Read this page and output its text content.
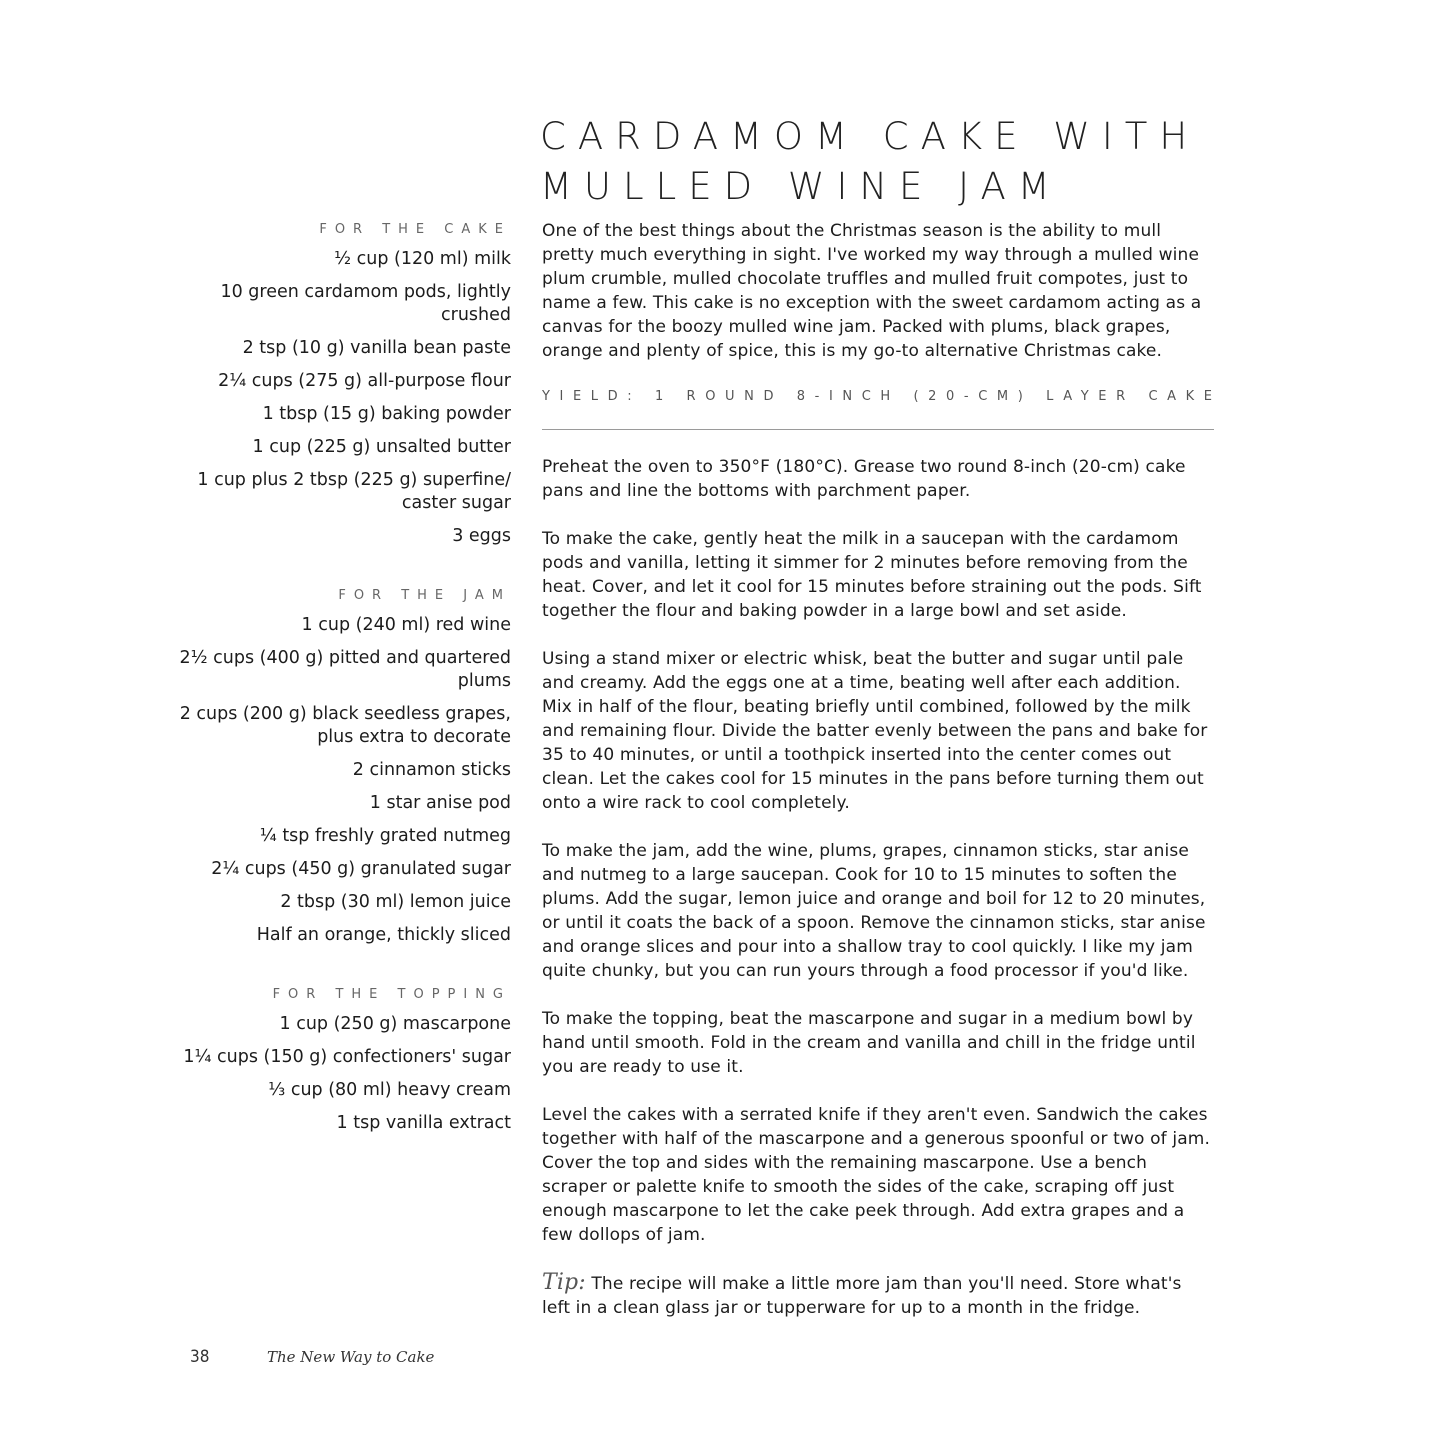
CARDAMOM CAKE WITH
MULLED WINE JAM
FOR THE CAKE
½ cup (120 ml) milk
10 green cardamom pods, lightly crushed
2 tsp (10 g) vanilla bean paste
2¼ cups (275 g) all-purpose flour
1 tbsp (15 g) baking powder
1 cup (225 g) unsalted butter
1 cup plus 2 tbsp (225 g) superfine/ caster sugar
3 eggs
FOR THE JAM
1 cup (240 ml) red wine
2½ cups (400 g) pitted and quartered plums
2 cups (200 g) black seedless grapes, plus extra to decorate
2 cinnamon sticks
1 star anise pod
¼ tsp freshly grated nutmeg
2¼ cups (450 g) granulated sugar
2 tbsp (30 ml) lemon juice
Half an orange, thickly sliced
FOR THE TOPPING
1 cup (250 g) mascarpone
1¼ cups (150 g) confectioners' sugar
⅓ cup (80 ml) heavy cream
1 tsp vanilla extract

One of the best things about the Christmas season is the ability to mull pretty much everything in sight. I've worked my way through a mulled wine plum crumble, mulled chocolate truffles and mulled fruit compotes, just to name a few. This cake is no exception with the sweet cardamom acting as a canvas for the boozy mulled wine jam. Packed with plums, black grapes, orange and plenty of spice, this is my go-to alternative Christmas cake.

YIELD: 1 ROUND 8-INCH (20-CM) LAYER CAKE

Preheat the oven to 350°F (180°C). Grease two round 8-inch (20-cm) cake pans and line the bottoms with parchment paper.

To make the cake, gently heat the milk in a saucepan with the cardamom pods and vanilla, letting it simmer for 2 minutes before removing from the heat. Cover, and let it cool for 15 minutes before straining out the pods. Sift together the flour and baking powder in a large bowl and set aside.

Using a stand mixer or electric whisk, beat the butter and sugar until pale and creamy. Add the eggs one at a time, beating well after each addition. Mix in half of the flour, beating briefly until combined, followed by the milk and remaining flour. Divide the batter evenly between the pans and bake for 35 to 40 minutes, or until a toothpick inserted into the center comes out clean. Let the cakes cool for 15 minutes in the pans before turning them out onto a wire rack to cool completely.

To make the jam, add the wine, plums, grapes, cinnamon sticks, star anise and nutmeg to a large saucepan. Cook for 10 to 15 minutes to soften the plums. Add the sugar, lemon juice and orange and boil for 12 to 20 minutes, or until it coats the back of a spoon. Remove the cinnamon sticks, star anise and orange slices and pour into a shallow tray to cool quickly. I like my jam quite chunky, but you can run yours through a food processor if you'd like.

To make the topping, beat the mascarpone and sugar in a medium bowl by hand until smooth. Fold in the cream and vanilla and chill in the fridge until you are ready to use it.

Level the cakes with a serrated knife if they aren't even. Sandwich the cakes together with half of the mascarpone and a generous spoonful or two of jam. Cover the top and sides with the remaining mascarpone. Use a bench scraper or palette knife to smooth the sides of the cake, scraping off just enough mascarpone to let the cake peek through. Add extra grapes and a few dollops of jam.

Tip: The recipe will make a little more jam than you'll need. Store what's left in a clean glass jar or tupperware for up to a month in the fridge.

38	The New Way to Cake
